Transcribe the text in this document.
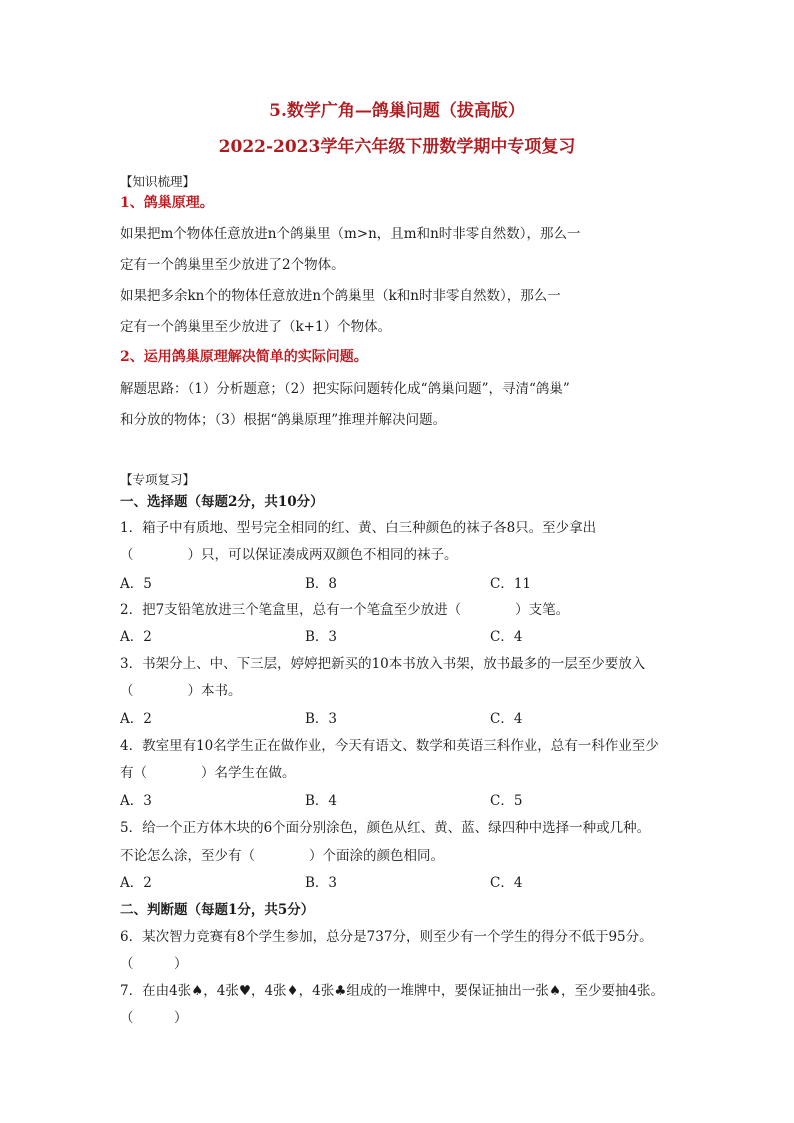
5.数学广角—鸽巢问题（拔高版）
2022-2023学年六年级下册数学期中专项复习
【知识梳理】
1、鸽巢原理。
如果把m个物体任意放进n个鸽巢里（m>n，且m和n时非零自然数），那么一
定有一个鸽巢里至少放进了2个物体。
如果把多余kn个的物体任意放进n个鸽巢里（k和n时非零自然数），那么一
定有一个鸽巢里至少放进了（k+1）个物体。
2、运用鸽巢原理解决简单的实际问题。
解题思路：（1）分析题意；（2）把实际问题转化成“鸽巢问题”，寻清“鸽巢”
和分放的物体；（3）根据“鸽巢原理”推理并解决问题。
【专项复习】
一、选择题（每题2分，共10分）
1．箱子中有质地、型号完全相同的红、黄、白三种颜色的袜子各8只。至少拿出
（　　　　）只，可以保证凑成两双颜色不相同的袜子。
A．5	B．8	C．11
2．把7支铅笔放进三个笔盒里，总有一个笔盒至少放进（　　　　）支笔。
A．2	B．3	C．4
3．书架分上、中、下三层，婷婷把新买的10本书放入书架，放书最多的一层至少要放入
（　　　　）本书。
A．2	B．3	C．4
4．教室里有10名学生正在做作业，今天有语文、数学和英语三科作业，总有一科作业至少
有（　　　　）名学生在做。
A．3	B．4	C．5
5．给一个正方体木块的6个面分别涂色，颜色从红、黄、蓝、绿四种中选择一种或几种。
不论怎么涂，至少有（　　　　）个面涂的颜色相同。
A．2	B．3	C．4
二、判断题（每题1分，共5分）
6．某次智力竞赛有8个学生参加，总分是737分，则至少有一个学生的得分不低于95分。
（　　　）
7．在由4张♠，4张♥，4张♦，4张♣组成的一堆牌中，要保证抽出一张♠，至少要抽4张。
（　　　）
